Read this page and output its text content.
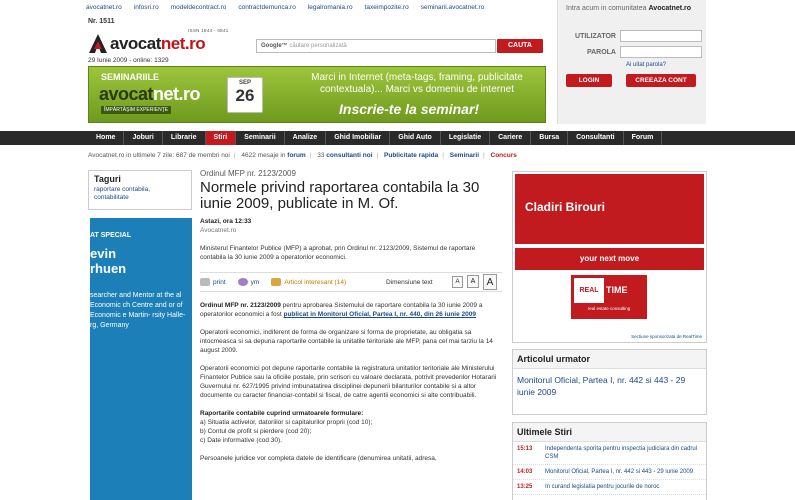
avocatnet.ro infosri.ro modeldecontract.ro contractdemunca.ro legalromania.ro taxeimpozite.ro seminarii.avocatnet.ro
Nr. 1511
ISSN 1844 - 6841
avocatnet.ro
29 Iunie 2009 - online: 1329
Google™ căutare personalizată	CAUTA
Intra acum in comunitatea Avocatnet.ro
UTILIZATOR
PAROLA
Ai uitat parola?
LOGIN	CREEAZA CONT
SEMINARIILE
avocatnet.ro
ÎMPĂRTĂŞIM EXPERIENŢE
SEP
26
Marci in Internet (meta-tags, framing, publicitate contextuala)... Marci vs domeniu de internet
Inscrie-te la seminar!
Home	Joburi	Librarie	Stiri	Seminarii	Analize	Ghid Imobiliar	Ghid Auto	Legislatie	Cariere	Bursa	Consultanti	Forum
Avocatnet.ro in ultimele 7 zile: 687 de membri noi | 4622 mesaje in forum | 33 consultanti noi | Publicitate rapida | Seminarii | Concurs
Taguri
raportare contabila, contabilitate
AT SPECIAL
evin
rhuen
searcher and Mentor at the al Economic ch Centre and or of Economic e Martin- rsity Halle- rg, Germany
Ordinul MFP nr. 2123/2009
Normele privind raportarea contabila la 30 iunie 2009, publicate in M. Of.
Astazi, ora 12:33
Avocatnet.ro
Ministerul Finantelor Publice (MFP) a aprobat, prin Ordinul nr. 2123/2009, Sistemul de raportare contabila la 30 iunie 2009 a operatorilor economici.
print	ym	Articol interesant (14)	Dimensiune text	A	A	A

Ordinul MFP nr. 2123/2009 pentru aprobarea Sistemului de raportare contabila la 30 iunie 2009 a operatorilor economici a fost publicat in Monitorul Oficial, Partea I, nr. 440, din 26 iunie 2009

Operatorii economici, indiferent de forma de organizare si forma de proprietate, au obligatia sa intocmeasca si sa depuna raportarile contabile la unitatile teritoriale ale MFP, pana cel mai tarziu la 14 august 2009.

Operatorii economici pot depune raportarile contabile la registratura unitatilor teritoriale ale Ministerului Finantelor Publice sau la oficiile postale, prin scrisori cu valoare declarata, potrivit prevederilor Hotararii Guvernului nr. 627/1995 privind imbunatatirea disciplinei depunerii bilanturilor contabile si a altor documente cu caracter financiar-contabil si fiscal, de catre agentii economici si alte contribuabili.

Raportarile contabile cuprind urmatoarele formulare:
a) Situatia activelor, datoriilor si capitalurilor proprii (cod 10);
b) Contul de profit si pierdere (cod 20);
c) Date informative (cod 30).

Persoanele juridice vor completa datele de identificare (denumirea unitatii, adresa,

Cladiri Birouri
your next move
REAL TIME
real estate consulting
Sectiune sponsorizata de RealTime
Articolul urmator
Monitorul Oficial, Partea I, nr. 442 si 443 - 29 iunie 2009
Ultimele Stiri
15:13	Independenta sporita pentru inspectia judiciara din cadrul CSM
14:03	Monitorul Oficial, Partea I, nr. 442 si 443 - 29 iunie 2009
13:25	In curand legislatia pentru jocurile de noroc
